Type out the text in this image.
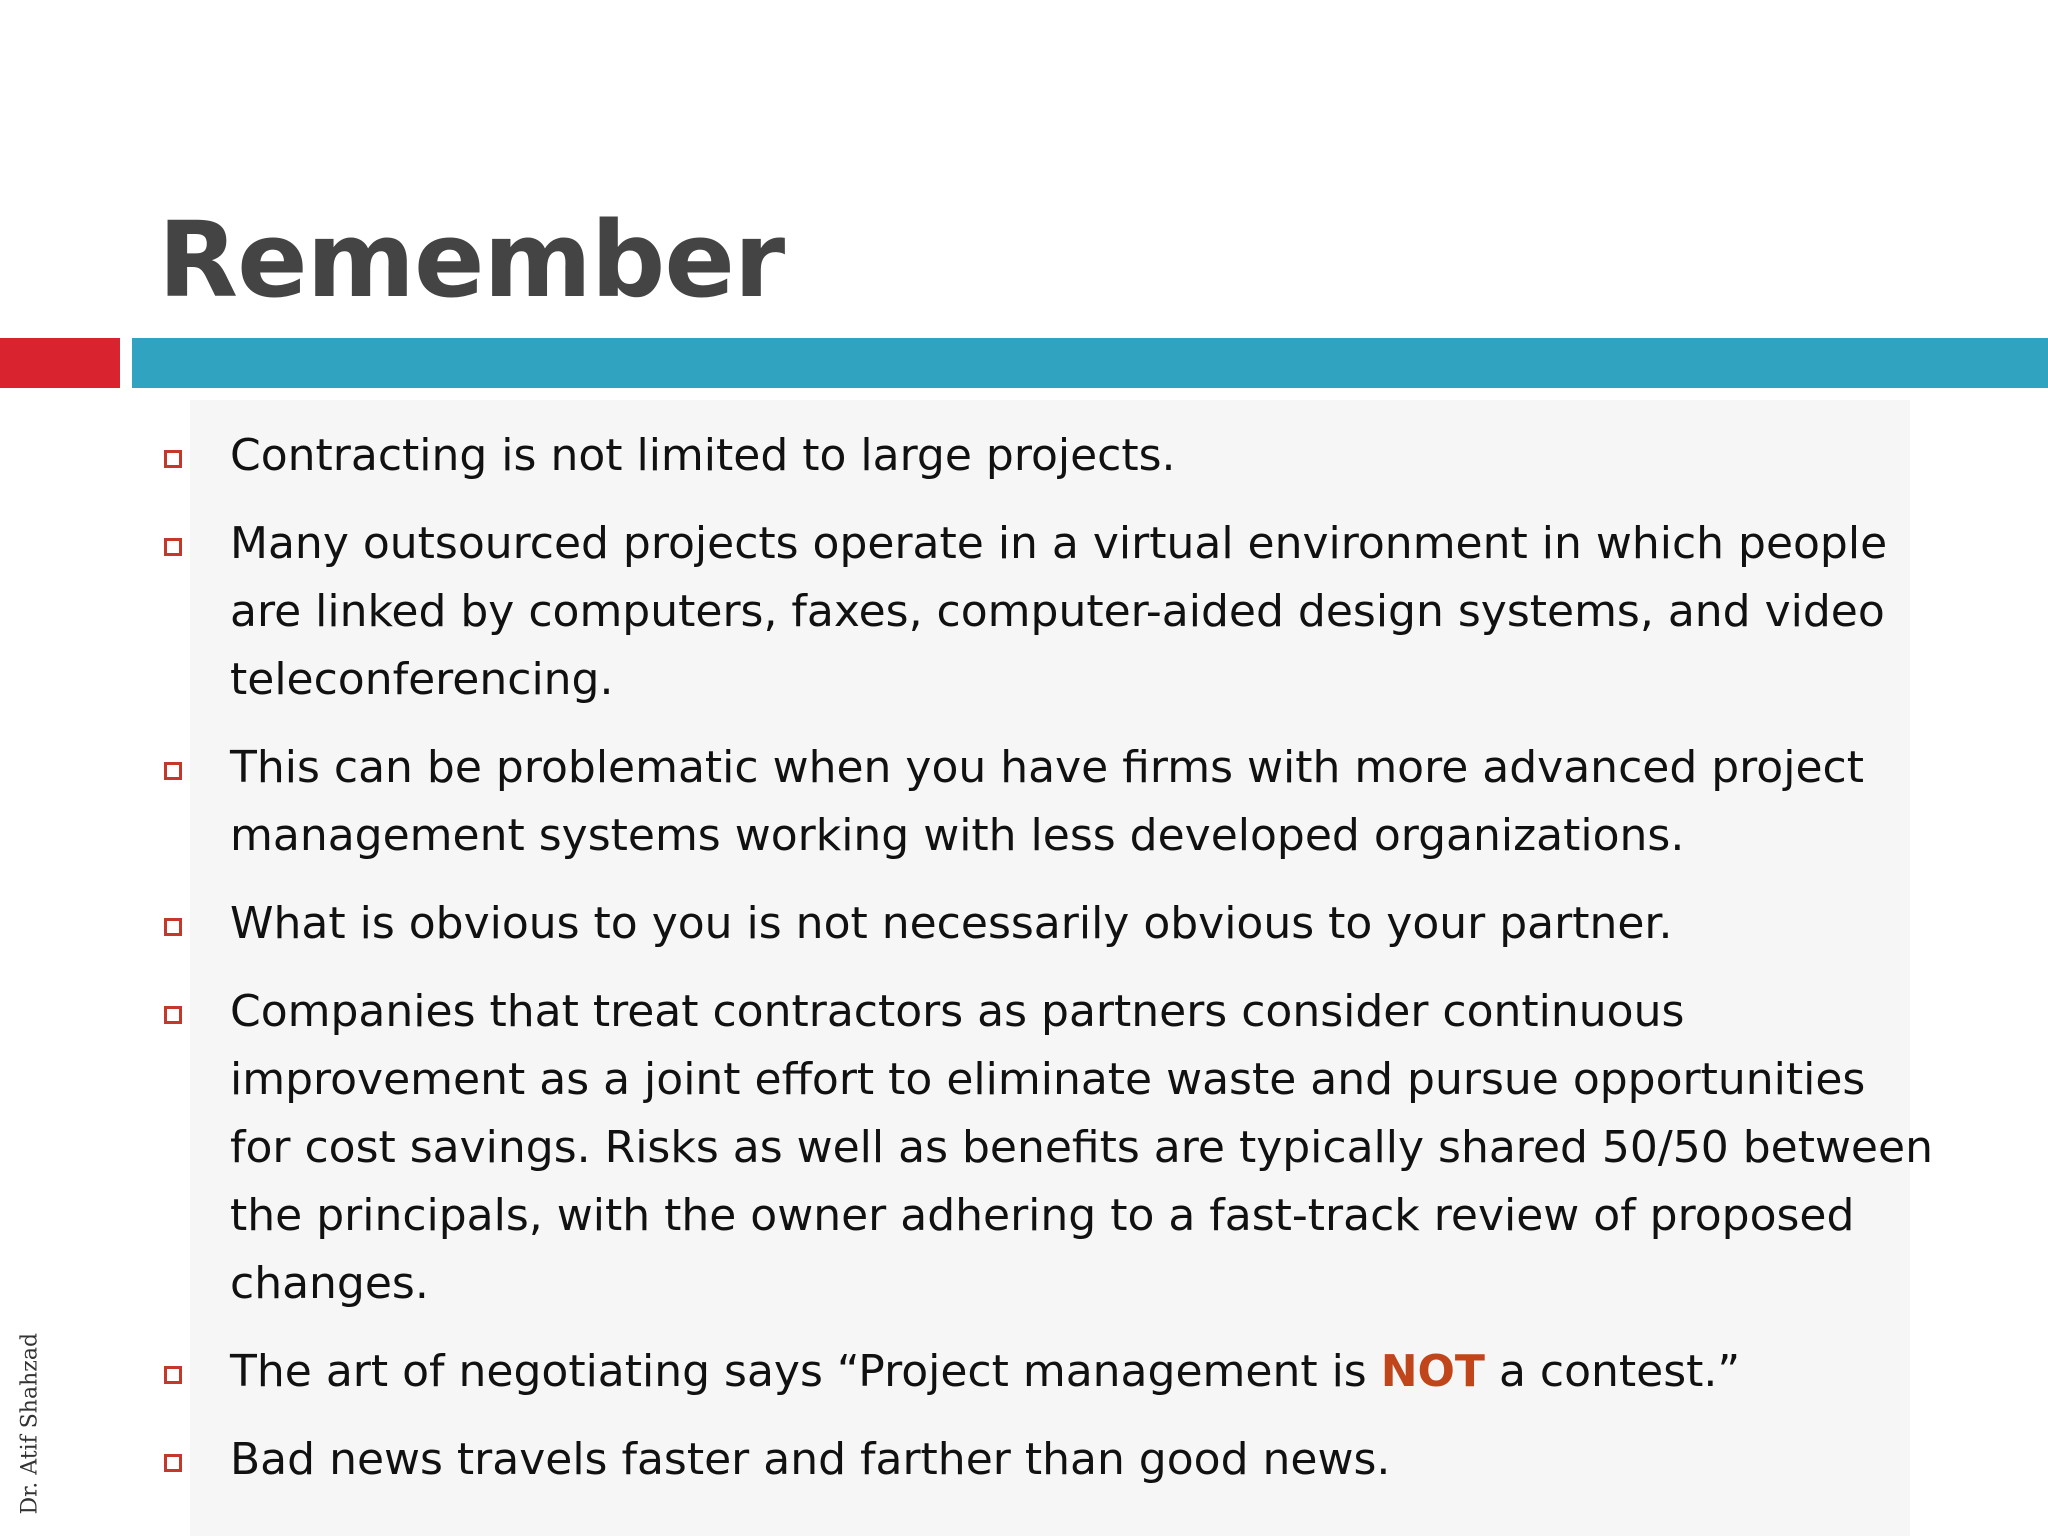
Remember
Contracting is not limited to large projects.
Many outsourced projects operate in a virtual environment in which people are linked by computers, faxes, computer-aided design systems, and video teleconferencing.
This can be problematic when you have firms with more advanced project management systems working with less developed organizations.
What is obvious to you is not necessarily obvious to your partner.
Companies that treat contractors as partners consider continuous improvement as a joint effort to eliminate waste and pursue opportunities for cost savings. Risks as well as benefits are typically shared 50/50 between the principals, with the owner adhering to a fast-track review of proposed changes.
The art of negotiating says “Project management is NOT a contest.”
Bad news travels faster and farther than good news.
Dr. Atif Shahzad
